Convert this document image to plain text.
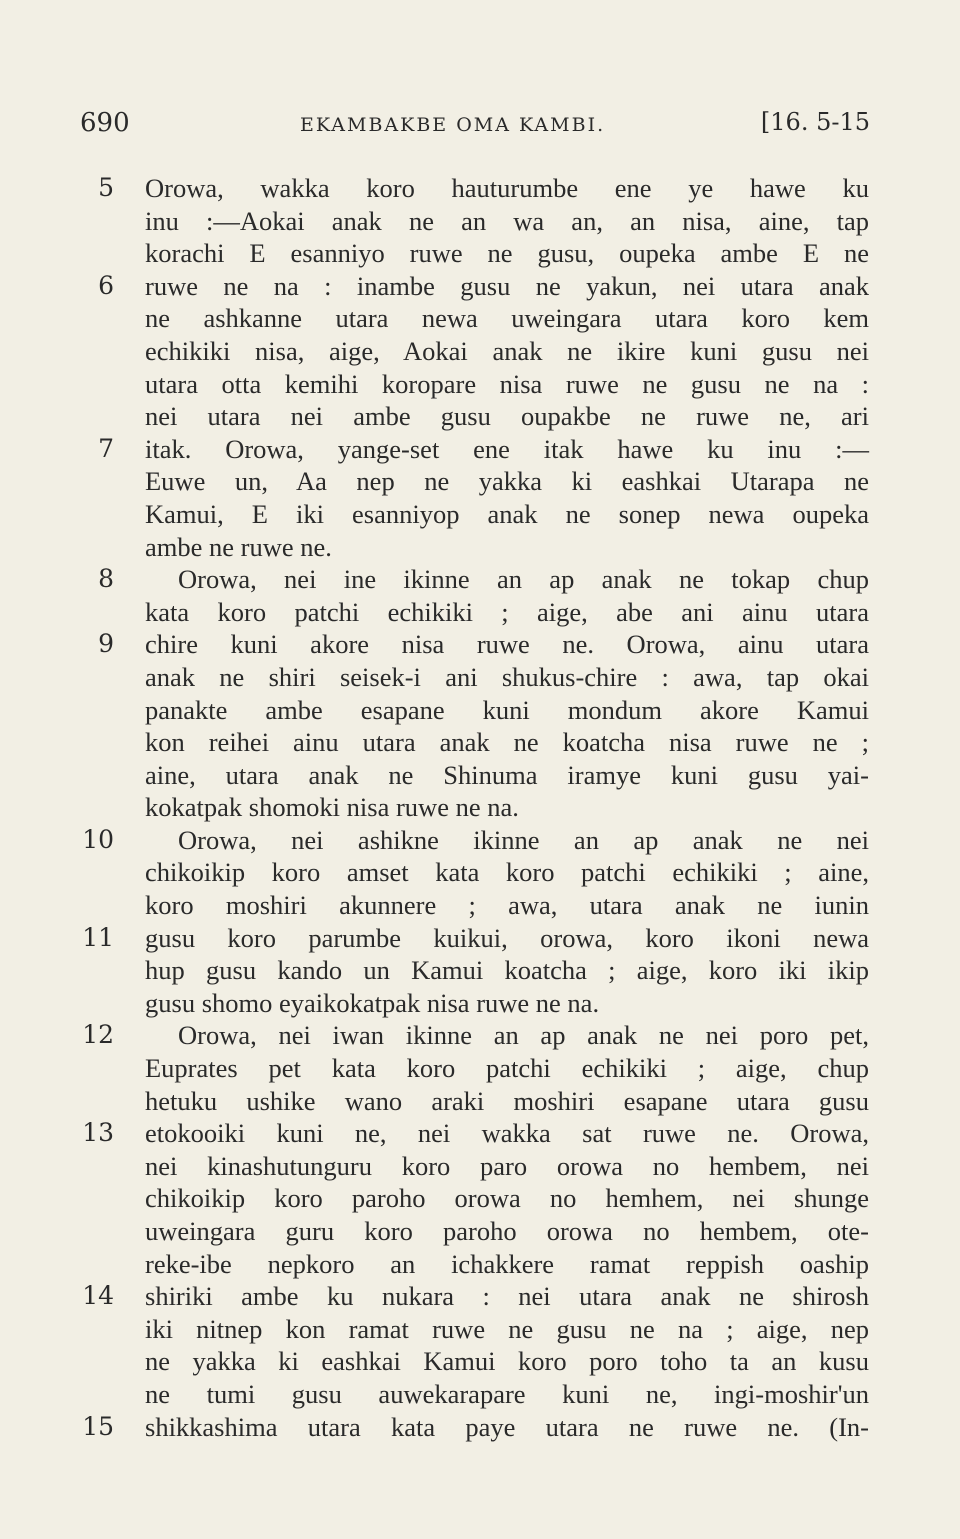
690	EKAMBAKBE OMA KAMBI.	[16. 5-15
5 Orowa, wakka koro hauturumbe ene ye hawe ku
inu :—Aokai anak ne an wa an, an nisa, aine, tap
korachi E esanniyo ruwe ne gusu, oupeka ambe E ne
6 ruwe ne na : inambe gusu ne yakun, nei utara anak
ne ashkanne utara newa uweingara utara koro kem
echikiki nisa, aige, Aokai anak ne ikire kuni gusu nei
utara otta kemihi koropare nisa ruwe ne gusu ne na :
nei utara nei ambe gusu oupakbe ne ruwe ne, ari
7 itak. Orowa, yange-set ene itak hawe ku inu :—
Euwe un, Aa nep ne yakka ki eashkai Utarapa ne
Kamui, E iki esanniyop anak ne sonep newa oupeka
ambe ne ruwe ne.
8 Orowa, nei ine ikinne an ap anak ne tokap chup
kata koro patchi echikiki ; aige, abe ani ainu utara
9 chire kuni akore nisa ruwe ne. Orowa, ainu utara
anak ne shiri seisek-i ani shukus-chire : awa, tap okai
panakte ambe esapane kuni mondum akore Kamui
kon reihei ainu utara anak ne koatcha nisa ruwe ne ;
aine, utara anak ne Shinuma iramye kuni gusu yai-
kokatpak shomoki nisa ruwe ne na.
10 Orowa, nei ashikne ikinne an ap anak ne nei
chikoikip koro amset kata koro patchi echikiki ; aine,
koro moshiri akunnere ; awa, utara anak ne iunin
11 gusu koro parumbe kuikui, orowa, koro ikoni newa
hup gusu kando un Kamui koatcha ; aige, koro iki ikip
gusu shomo eyaikokatpak nisa ruwe ne na.
12 Orowa, nei iwan ikinne an ap anak ne nei poro pet,
Euprates pet kata koro patchi echikiki ; aige, chup
hetuku ushike wano araki moshiri esapane utara gusu
13 etokooiki kuni ne, nei wakka sat ruwe ne. Orowa,
nei kinashutunguru koro paro orowa no hembem, nei
chikoikip koro paroho orowa no hemhem, nei shunge
uweingara guru koro paroho orowa no hembem, ote-
reke-ibe nepkoro an ichakkere ramat reppish oaship
14 shiriki ambe ku nukara : nei utara anak ne shirosh
iki nitnep kon ramat ruwe ne gusu ne na ; aige, nep
ne yakka ki eashkai Kamui koro poro toho ta an kusu
ne tumi gusu auwekarapare kuni ne, ingi-moshir'un
15 shikkashima utara kata paye utara ne ruwe ne. (In-
